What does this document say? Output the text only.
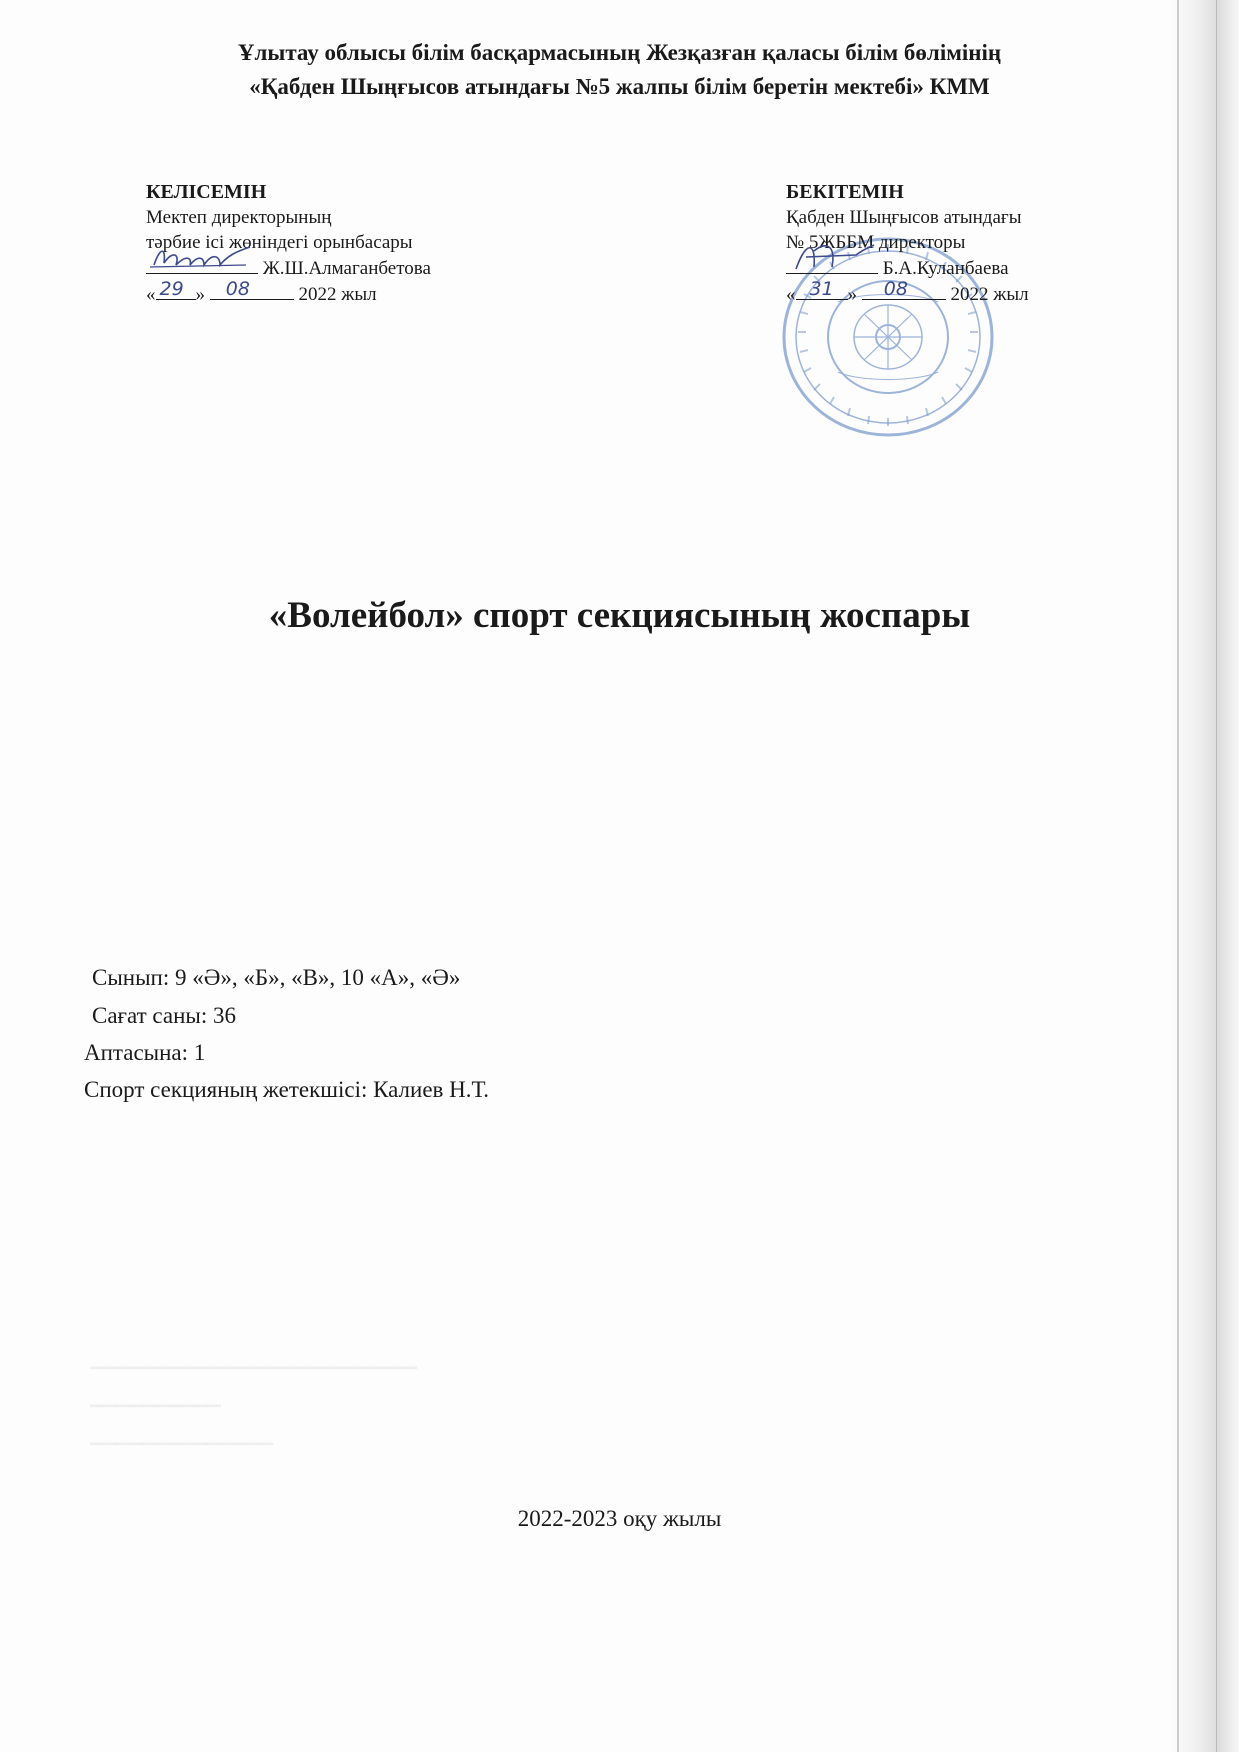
Ұлытау облысы білім басқармасының Жезқазған қаласы білім бөлімінің
«Қабден Шыңғысов атындағы №5 жалпы білім беретін мектебі» КММ
КЕЛІСЕМІН
Мектеп директорының
тәрбие ісі жөніндегі орынбасары
Ж.Ш.Алмаганбетова
« 29 » 08	2022 жыл
БЕКІТЕМІН
Қабден Шыңғысов атындағы
№ 5ЖББМ директоры
Б.А.Куланбаева
« 31 » 08 2022 жыл
«Волейбол» спорт секциясының жоспары
Сынып: 9 «Ә», «Б», «В», 10 «А», «Ә»
Сағат саны: 36
Аптасына: 1
Спорт секцияның жетекшісі: Калиев Н.Т.
▁▁▁▁▁▁▁▁▁▁▁▁▁▁▁▁▁▁▁▁▁▁▁▁▁
▁▁▁▁▁▁▁▁▁▁
▁▁▁▁▁▁▁▁▁▁▁▁▁▁
2022-2023 оқу жылы
